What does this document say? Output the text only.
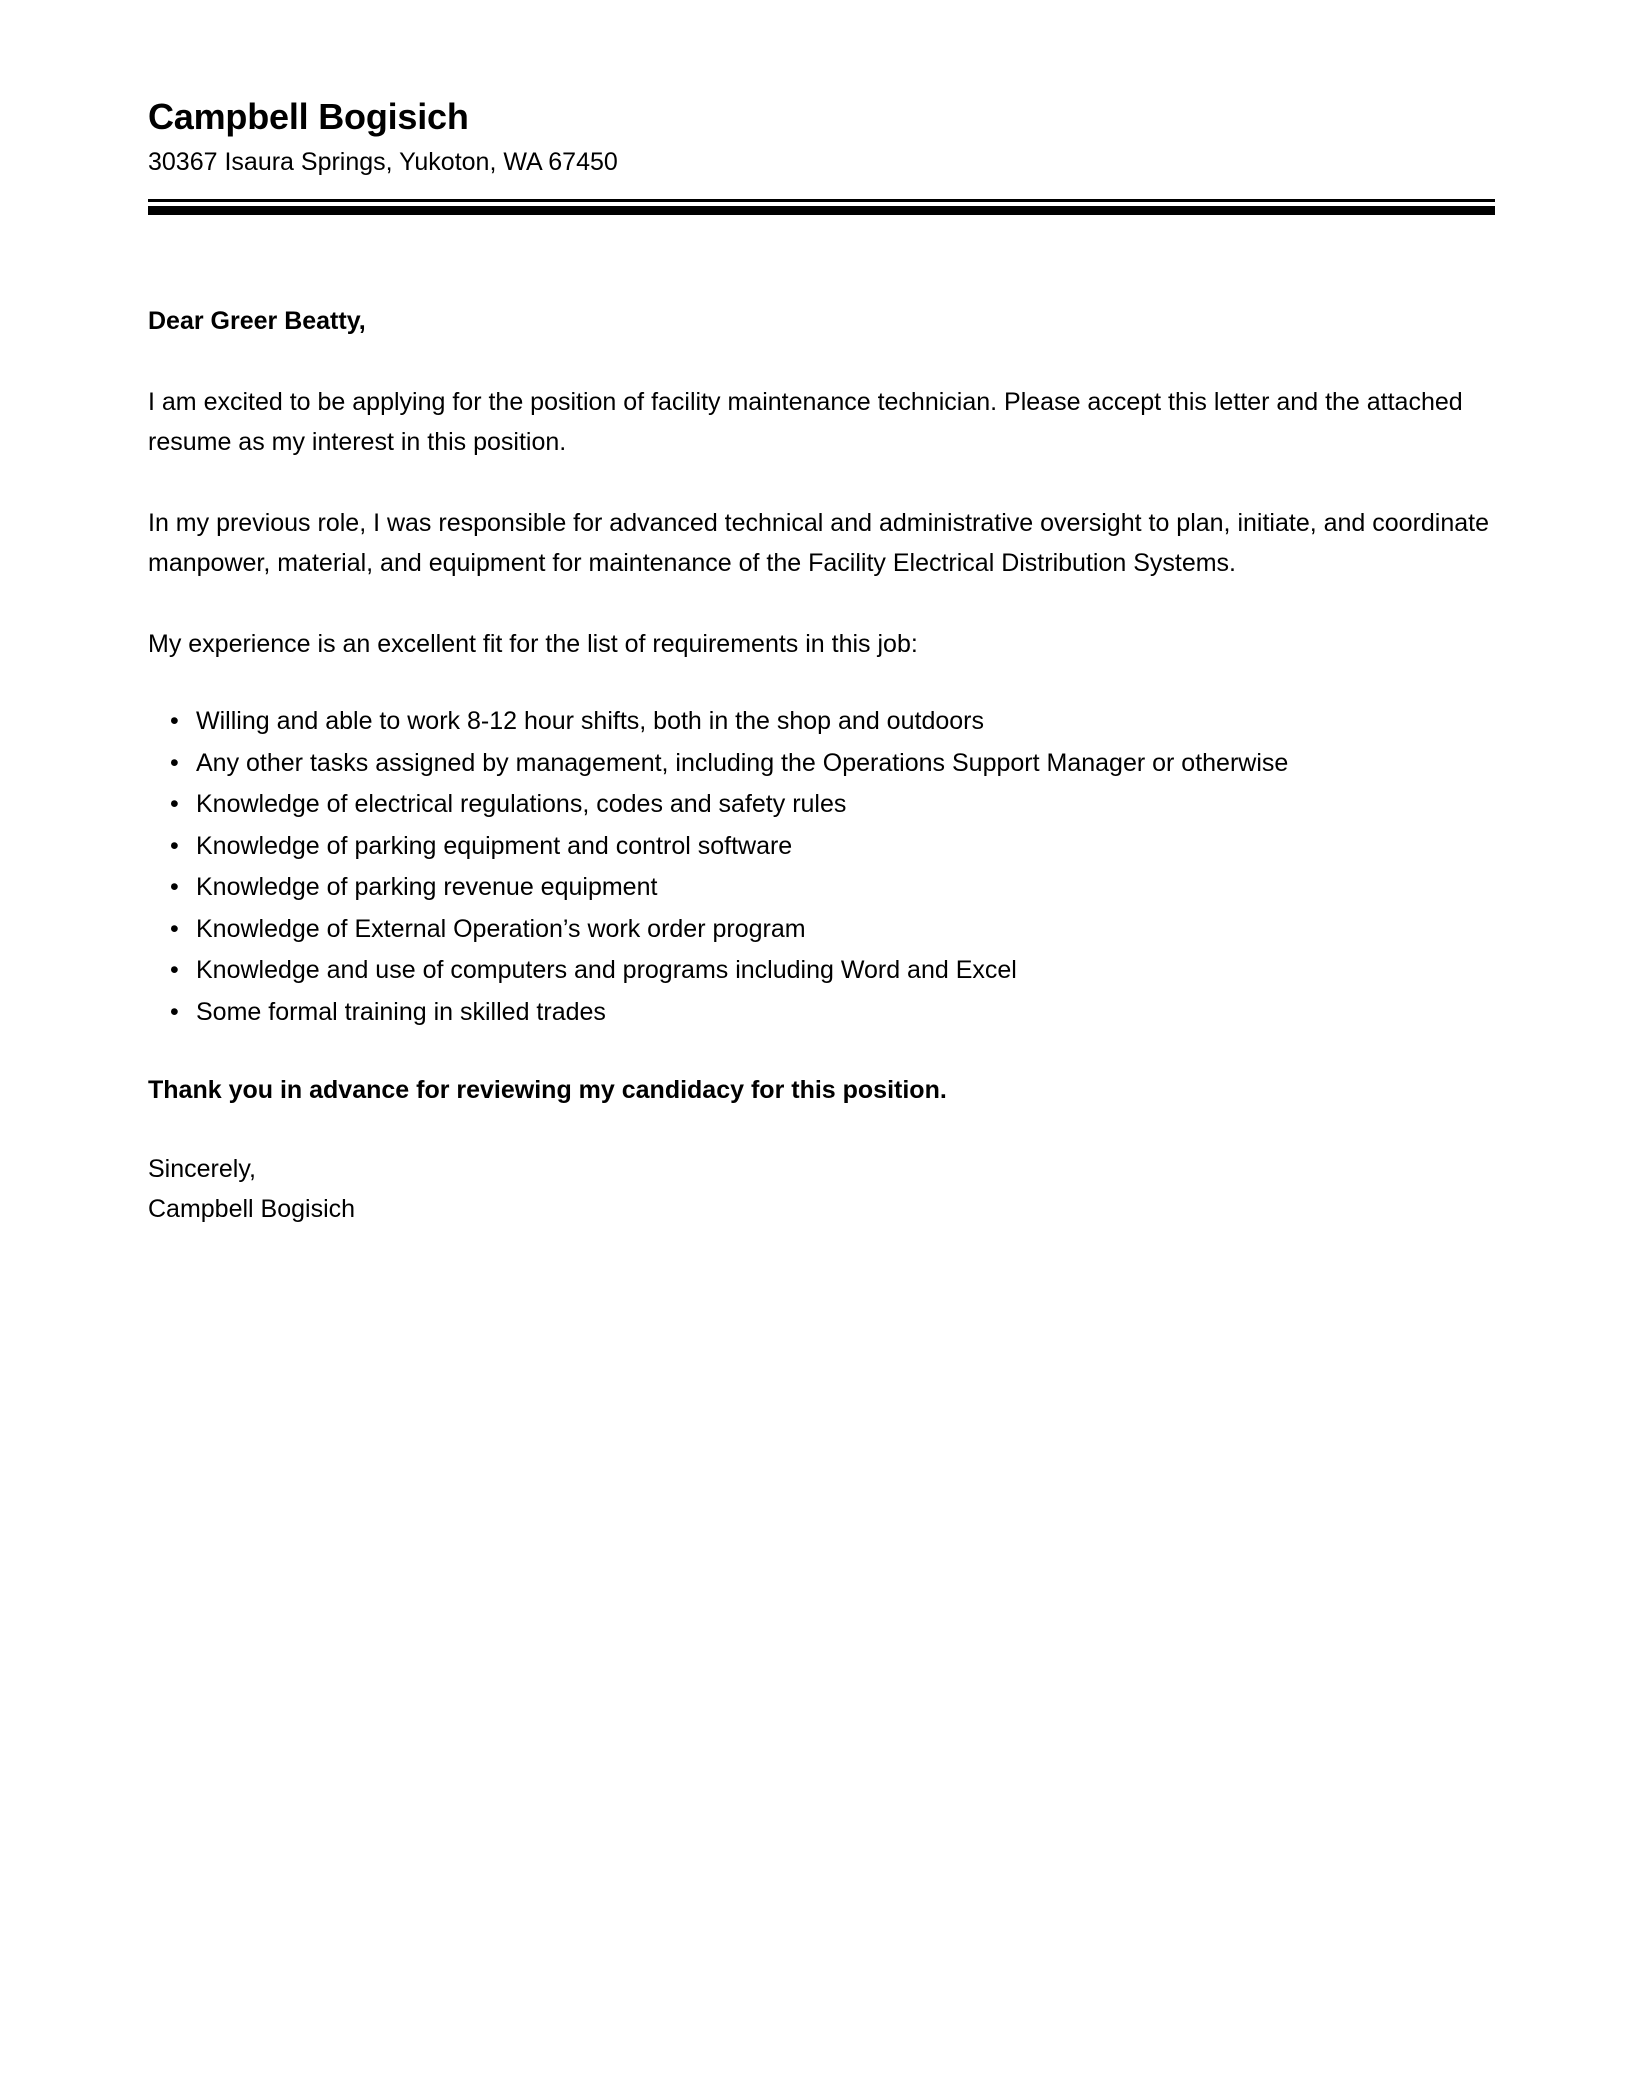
Campbell Bogisich

30367 Isaura Springs, Yukoton, WA 67450

Dear Greer Beatty,

I am excited to be applying for the position of facility maintenance technician. Please accept this letter and the attached resume as my interest in this position.

In my previous role, I was responsible for advanced technical and administrative oversight to plan, initiate, and coordinate manpower, material, and equipment for maintenance of the Facility Electrical Distribution Systems.

My experience is an excellent fit for the list of requirements in this job:

• Willing and able to work 8-12 hour shifts, both in the shop and outdoors
• Any other tasks assigned by management, including the Operations Support Manager or otherwise
• Knowledge of electrical regulations, codes and safety rules
• Knowledge of parking equipment and control software
• Knowledge of parking revenue equipment
• Knowledge of External Operation’s work order program
• Knowledge and use of computers and programs including Word and Excel
• Some formal training in skilled trades

Thank you in advance for reviewing my candidacy for this position.

Sincerely,

Campbell Bogisich
